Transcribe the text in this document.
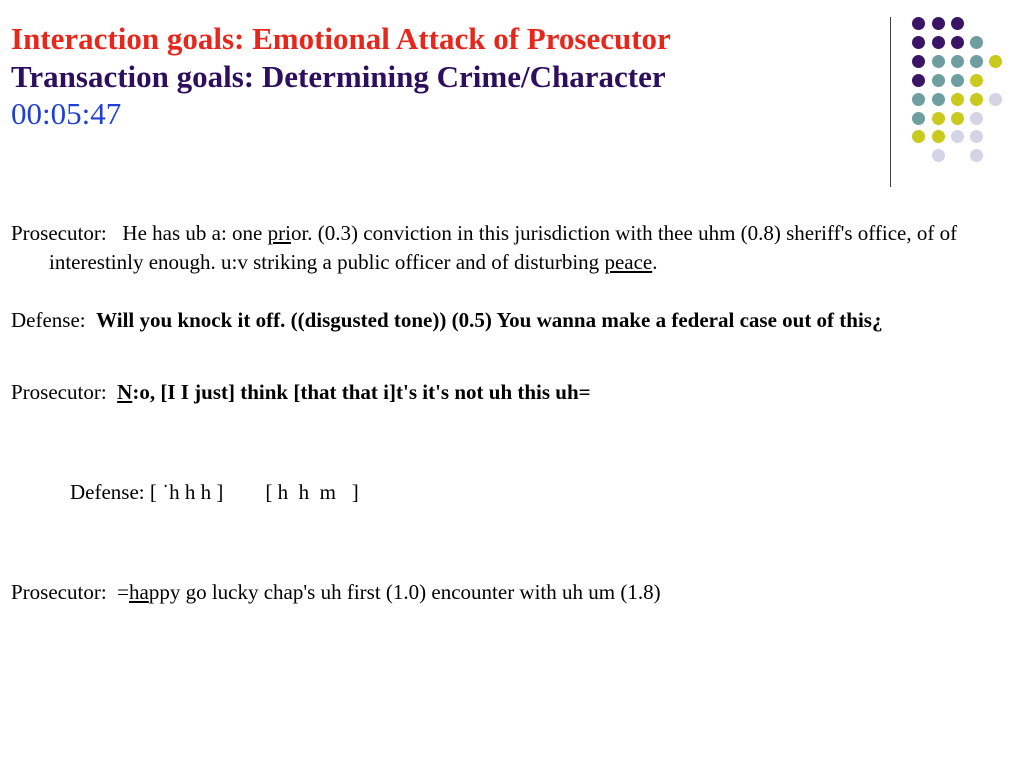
Interaction goals: Emotional Attack of Prosecutor
Transaction goals: Determining Crime/Character
00:05:47

Prosecutor: He has ub a: one prior. (0.3) conviction in this jurisdiction with thee uhm (0.8) sheriff's office, of of interestinly enough. u:v striking a public officer and of disturbing peace.

Defense: Will you knock it off. ((disgusted tone)) (0.5) You wanna make a federal case out of this¿

Prosecutor: N:o, [I I just] think [that that i]t's it's not uh this uh=

Defense: [ ˙h h h ]        [ h  h  m   ]

Prosecutor: =happy go lucky chap's uh first (1.0) encounter with uh um (1.8)
